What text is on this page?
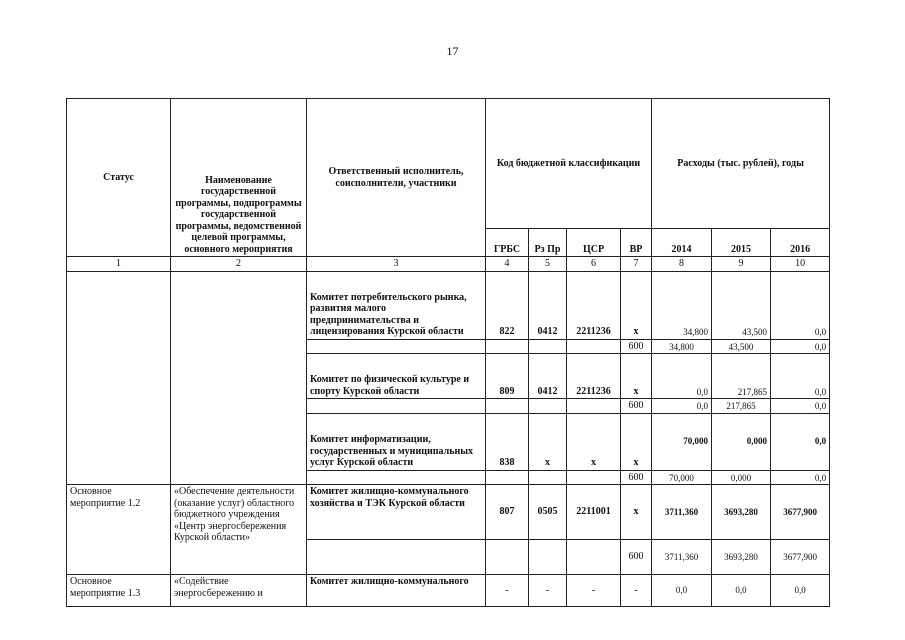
17
Статус	Наименование государственной программы, подпрограммы государственной программы, ведомственной целевой программы, основного мероприятия	Ответственный исполнитель, соисполнители, участники	Код бюджетной классификации				Расходы (тыс. рублей), годы		
			ГРБС	Рз Пр	ЦСР	ВР	2014	2015	2016
1	2	3	4	5	6	7	8	9	10
		Комитет потребительского рынка, развития малого предпринимательства и лицензирования Курской области	822	0412	2211236	х	34,800	43,500	0,0
						600	34,800	43,500	0,0
		Комитет по физической культуре и спорту Курской области	809	0412	2211236	х	0,0	217,865	0,0
						600	0,0	217,865	0,0
		Комитет информатизации, государственных и муниципальных услуг Курской области	838	х	х	х	70,000	0,000	0,0
						600	70,000	0,000	0,0
Основное мероприятие 1.2	«Обеспечение деятельности (оказание услуг) областного бюджетного учреждения «Центр энергосбережения Курской области»	Комитет жилищно-коммунального хозяйства и ТЭК Курской области	807	0505	2211001	х	3711,360	3693,280	3677,900
						600	3711,360	3693,280	3677,900
Основное мероприятие 1.3	«Содействие энергосбережению и	Комитет жилищно-коммунального	-	-	-	-	0,0	0,0	0,0
